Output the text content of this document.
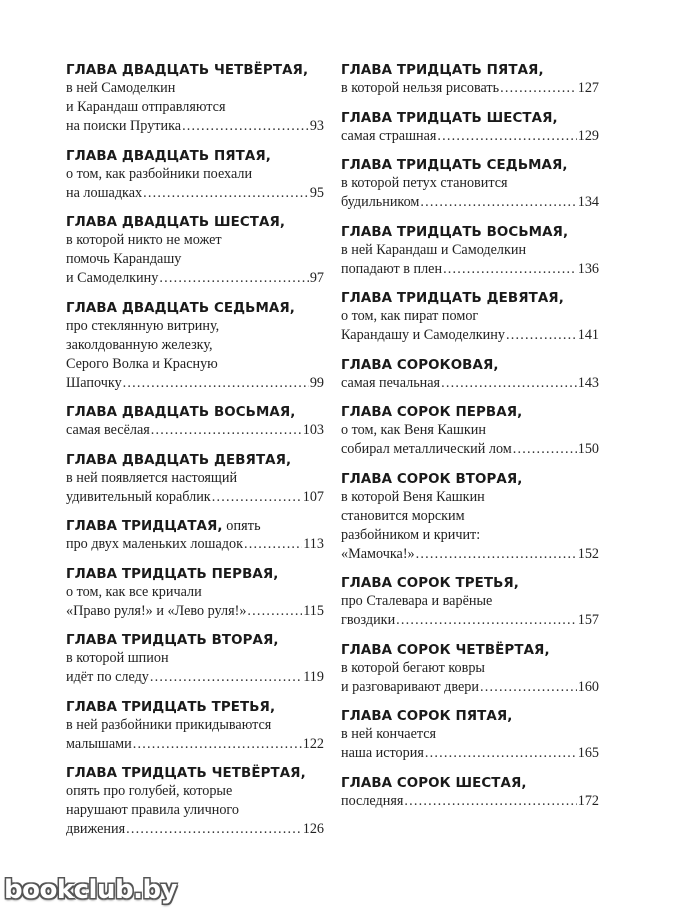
ГЛАВА ДВАДЦАТЬ ЧЕТВЁРТАЯ,
в ней Самоделкин
и Карандаш отправляются
на поиски Прутика .....	93
ГЛАВА ДВАДЦАТЬ ПЯТАЯ,
о том, как разбойники поехали
на лошадках .....	95
ГЛАВА ДВАДЦАТЬ ШЕСТАЯ,
в которой никто не может
помочь Карандашу
и Самоделкину .....	97
ГЛАВА ДВАДЦАТЬ СЕДЬМАЯ,
про стеклянную витрину,
заколдованную железку,
Серого Волка и Красную
Шапочку .....	99
ГЛАВА ДВАДЦАТЬ ВОСЬМАЯ,
самая весёлая .....	103
ГЛАВА ДВАДЦАТЬ ДЕВЯТАЯ,
в ней появляется настоящий
удивительный кораблик .....	107
ГЛАВА ТРИДЦАТАЯ, опять
про двух маленьких лошадок .....	113
ГЛАВА ТРИДЦАТЬ ПЕРВАЯ,
о том, как все кричали
«Право руля!» и «Лево руля!» .....	115
ГЛАВА ТРИДЦАТЬ ВТОРАЯ,
в которой шпион
идёт по следу .....	119
ГЛАВА ТРИДЦАТЬ ТРЕТЬЯ,
в ней разбойники прикидываются
малышами .....	122
ГЛАВА ТРИДЦАТЬ ЧЕТВЁРТАЯ,
опять про голубей, которые
нарушают правила уличного
движения .....	126
ГЛАВА ТРИДЦАТЬ ПЯТАЯ,
в которой нельзя рисовать .....	127
ГЛАВА ТРИДЦАТЬ ШЕСТАЯ,
самая страшная .....	129
ГЛАВА ТРИДЦАТЬ СЕДЬМАЯ,
в которой петух становится
будильником .....	134
ГЛАВА ТРИДЦАТЬ ВОСЬМАЯ,
в ней Карандаш и Самоделкин
попадают в плен .....	136
ГЛАВА ТРИДЦАТЬ ДЕВЯТАЯ,
о том, как пират помог
Карандашу и Самоделкину .....	141
ГЛАВА СОРОКОВАЯ,
самая печальная .....	143
ГЛАВА СОРОК ПЕРВАЯ,
о том, как Веня Кашкин
собирал металлический лом .....	150
ГЛАВА СОРОК ВТОРАЯ,
в которой Веня Кашкин
становится морским
разбойником и кричит:
«Мамочка!» .....	152
ГЛАВА СОРОК ТРЕТЬЯ,
про Сталевара и варёные
гвоздики .....	157
ГЛАВА СОРОК ЧЕТВЁРТАЯ,
в которой бегают ковры
и разговаривают двери .....	160
ГЛАВА СОРОК ПЯТАЯ,
в ней кончается
наша история .....	165
ГЛАВА СОРОК ШЕСТАЯ,
последняя .....	172
bookclub.by
